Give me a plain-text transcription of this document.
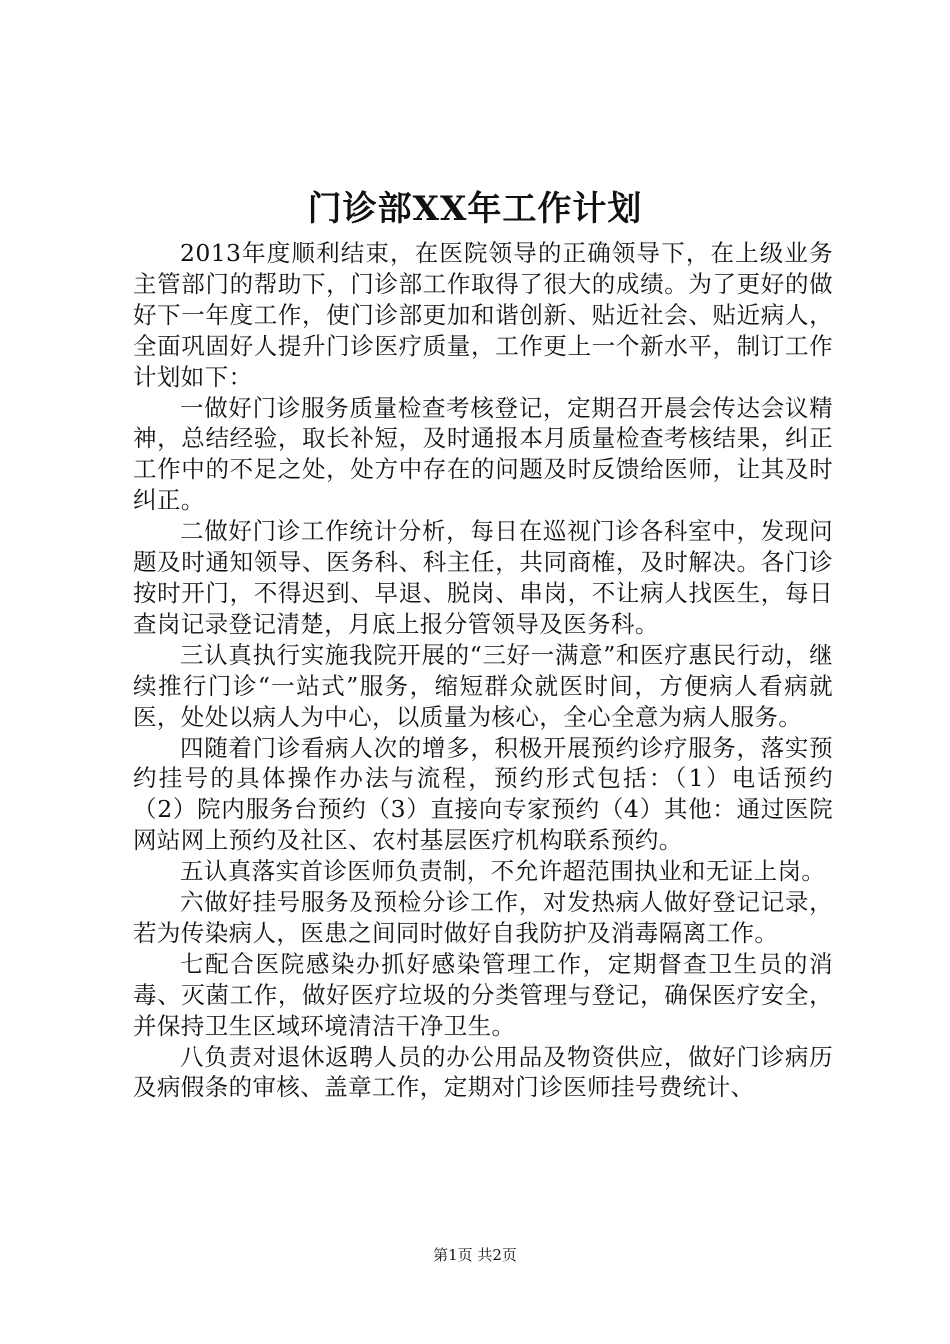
门诊部XX年工作计划

2013年度顺利结束，在医院领导的正确领导下，在上级业务主管部门的帮助下，门诊部工作取得了很大的成绩。为了更好的做好下一年度工作，使门诊部更加和谐创新、贴近社会、贴近病人，全面巩固好人提升门诊医疗质量，工作更上一个新水平，制订工作计划如下：

一做好门诊服务质量检查考核登记，定期召开晨会传达会议精神，总结经验，取长补短，及时通报本月质量检查考核结果，纠正工作中的不足之处，处方中存在的问题及时反馈给医师，让其及时纠正。

二做好门诊工作统计分析，每日在巡视门诊各科室中，发现问题及时通知领导、医务科、科主任，共同商榷，及时解决。各门诊按时开门，不得迟到、早退、脱岗、串岗，不让病人找医生，每日查岗记录登记清楚，月底上报分管领导及医务科。

三认真执行实施我院开展的“三好一满意”和医疗惠民行动，继续推行门诊“一站式”服务，缩短群众就医时间，方便病人看病就医，处处以病人为中心，以质量为核心，全心全意为病人服务。

四随着门诊看病人次的增多，积极开展预约诊疗服务，落实预约挂号的具体操作办法与流程，预约形式包括：（1）电话预约（2）院内服务台预约（3）直接向专家预约（4）其他：通过医院网站网上预约及社区、农村基层医疗机构联系预约。

五认真落实首诊医师负责制，不允许超范围执业和无证上岗。

六做好挂号服务及预检分诊工作，对发热病人做好登记记录，若为传染病人，医患之间同时做好自我防护及消毒隔离工作。

七配合医院感染办抓好感染管理工作，定期督查卫生员的消毒、灭菌工作，做好医疗垃圾的分类管理与登记，确保医疗安全，并保持卫生区域环境清洁干净卫生。

八负责对退休返聘人员的办公用品及物资供应，做好门诊病历及病假条的审核、盖章工作，定期对门诊医师挂号费统计、

第1页 共2页
